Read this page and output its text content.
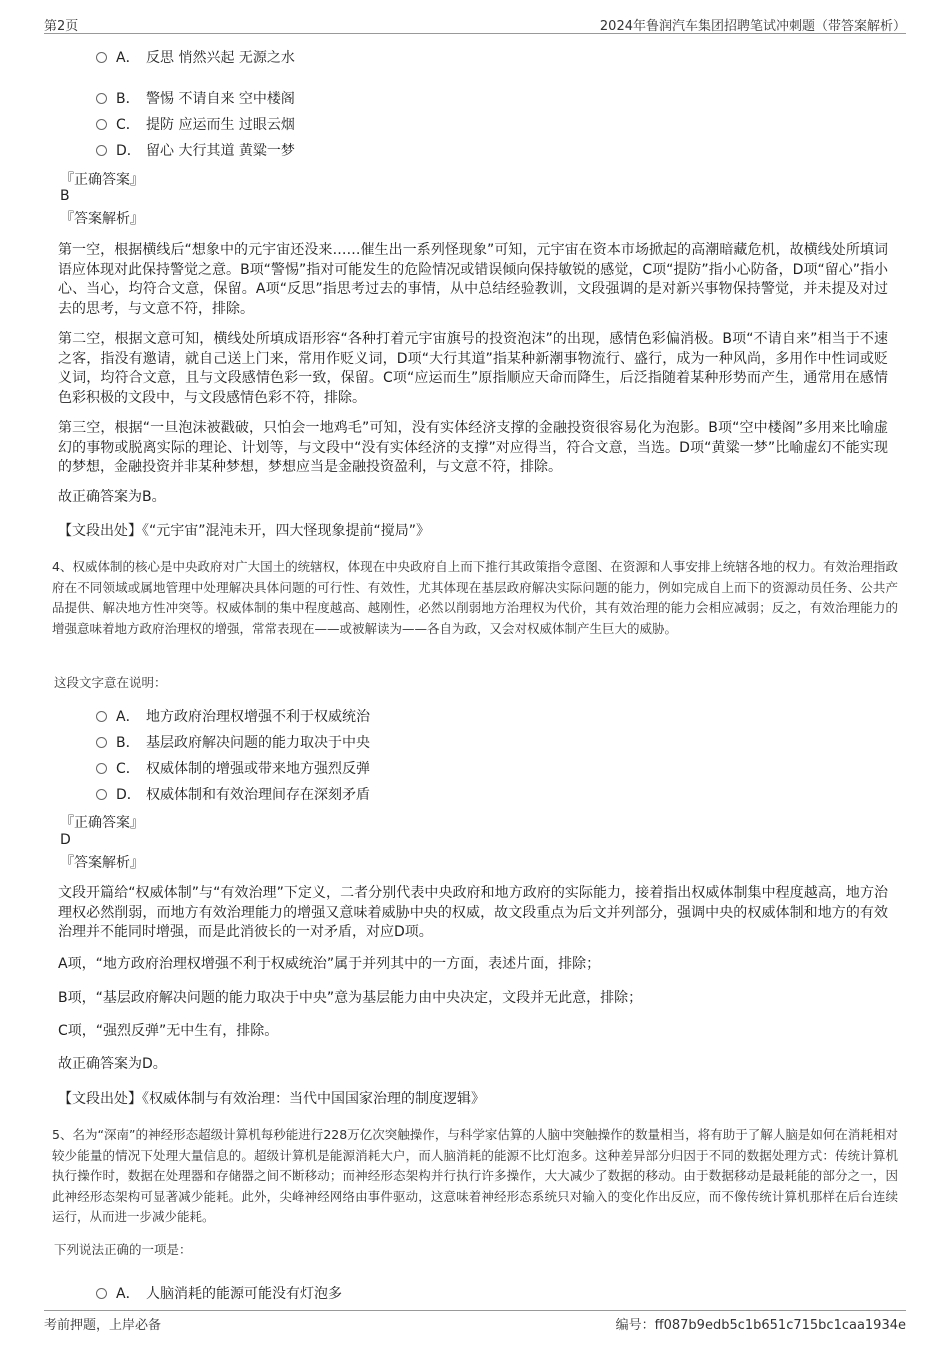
第2页	2024年鲁润汽车集团招聘笔试冲刺题（带答案解析）
A． 反思 悄然兴起 无源之水
B． 警惕 不请自来 空中楼阁
C． 提防 应运而生 过眼云烟
D． 留心 大行其道 黄粱一梦
『正确答案』
B
『答案解析』

第一空，根据横线后“想象中的元宇宙还没来……催生出一系列怪现象”可知，元宇宙在资本市场掀起的高潮暗藏危机，故横线处所填词语应体现对此保持警觉之意。B项“警惕”指对可能发生的危险情况或错误倾向保持敏锐的感觉，C项“提防”指小心防备，D项“留心”指小心、当心，均符合文意，保留。A项“反思”指思考过去的事情，从中总结经验教训，文段强调的是对新兴事物保持警觉，并未提及对过去的思考，与文意不符，排除。

第二空，根据文意可知，横线处所填成语形容“各种打着元宇宙旗号的投资泡沫”的出现，感情色彩偏消极。B项“不请自来”相当于不速之客，指没有邀请，就自己送上门来，常用作贬义词，D项“大行其道”指某种新潮事物流行、盛行，成为一种风尚，多用作中性词或贬义词，均符合文意，且与文段感情色彩一致，保留。C项“应运而生”原指顺应天命而降生，后泛指随着某种形势而产生，通常用在感情色彩积极的文段中，与文段感情色彩不符，排除。

第三空，根据“一旦泡沫被戳破，只怕会一地鸡毛”可知，没有实体经济支撑的金融投资很容易化为泡影。B项“空中楼阁”多用来比喻虚幻的事物或脱离实际的理论、计划等，与文段中“没有实体经济的支撑”对应得当，符合文意，当选。D项“黄粱一梦”比喻虚幻不能实现的梦想，金融投资并非某种梦想，梦想应当是金融投资盈利，与文意不符，排除。

故正确答案为B。

【文段出处】《“元宇宙”混沌未开，四大怪现象提前“搅局”》

4、权威体制的核心是中央政府对广大国土的统辖权，体现在中央政府自上而下推行其政策指令意图、在资源和人事安排上统辖各地的权力。有效治理指政府在不同领域或属地管理中处理解决具体问题的可行性、有效性，尤其体现在基层政府解决实际问题的能力，例如完成自上而下的资源动员任务、公共产品提供、解决地方性冲突等。权威体制的集中程度越高、越刚性，必然以削弱地方治理权为代价，其有效治理的能力会相应减弱；反之，有效治理能力的增强意味着地方政府治理权的增强，常常表现在——或被解读为——各自为政，又会对权威体制产生巨大的威胁。

这段文字意在说明：
A． 地方政府治理权增强不利于权威统治
B． 基层政府解决问题的能力取决于中央
C． 权威体制的增强或带来地方强烈反弹
D． 权威体制和有效治理间存在深刻矛盾
『正确答案』
D
『答案解析』

文段开篇给“权威体制”与“有效治理”下定义，二者分别代表中央政府和地方政府的实际能力，接着指出权威体制集中程度越高，地方治理权必然削弱，而地方有效治理能力的增强又意味着威胁中央的权威，故文段重点为后文并列部分，强调中央的权威体制和地方的有效治理并不能同时增强，而是此消彼长的一对矛盾，对应D项。

A项，“地方政府治理权增强不利于权威统治”属于并列其中的一方面，表述片面，排除；

B项，“基层政府解决问题的能力取决于中央”意为基层能力由中央决定，文段并无此意，排除；

C项，“强烈反弹”无中生有，排除。

故正确答案为D。

【文段出处】《权威体制与有效治理：当代中国国家治理的制度逻辑》

5、名为“深南”的神经形态超级计算机每秒能进行228万亿次突触操作，与科学家估算的人脑中突触操作的数量相当，将有助于了解人脑是如何在消耗相对较少能量的情况下处理大量信息的。超级计算机是能源消耗大户，而人脑消耗的能源不比灯泡多。这种差异部分归因于不同的数据处理方式：传统计算机执行操作时，数据在处理器和存储器之间不断移动；而神经形态架构并行执行许多操作，大大减少了数据的移动。由于数据移动是最耗能的部分之一，因此神经形态架构可显著减少能耗。此外，尖峰神经网络由事件驱动，这意味着神经形态系统只对输入的变化作出反应，而不像传统计算机那样在后台连续运行，从而进一步减少能耗。

下列说法正确的一项是：
A． 人脑消耗的能源可能没有灯泡多
考前押题，上岸必备	编号：ff087b9edb5c1b651c715bc1caa1934e
